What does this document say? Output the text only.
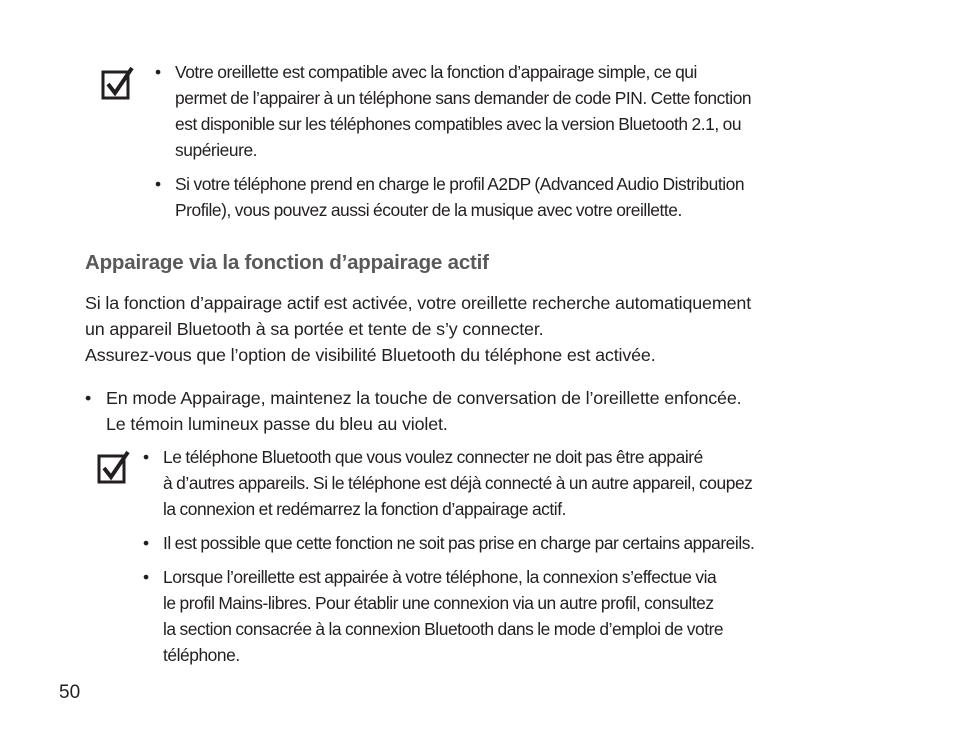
• Votre oreillette est compatible avec la fonction d’appairage simple, ce qui
permet de l’appairer à un téléphone sans demander de code PIN. Cette fonction
est disponible sur les téléphones compatibles avec la version Bluetooth 2.1, ou
supérieure.
• Si votre téléphone prend en charge le profil A2DP (Advanced Audio Distribution
Profile), vous pouvez aussi écouter de la musique avec votre oreillette.
Appairage via la fonction d’appairage actif

Si la fonction d’appairage actif est activée, votre oreillette recherche automatiquement
un appareil Bluetooth à sa portée et tente de s’y connecter.
Assurez-vous que l’option de visibilité Bluetooth du téléphone est activée.

• En mode Appairage, maintenez la touche de conversation de l’oreillette enfoncée.
Le témoin lumineux passe du bleu au violet.
• Le téléphone Bluetooth que vous voulez connecter ne doit pas être appairé
à d’autres appareils. Si le téléphone est déjà connecté à un autre appareil, coupez
la connexion et redémarrez la fonction d’appairage actif.
• Il est possible que cette fonction ne soit pas prise en charge par certains appareils.
• Lorsque l’oreillette est appairée à votre téléphone, la connexion s’effectue via
le profil Mains-libres. Pour établir une connexion via un autre profil, consultez
la section consacrée à la connexion Bluetooth dans le mode d’emploi de votre
téléphone.
50
